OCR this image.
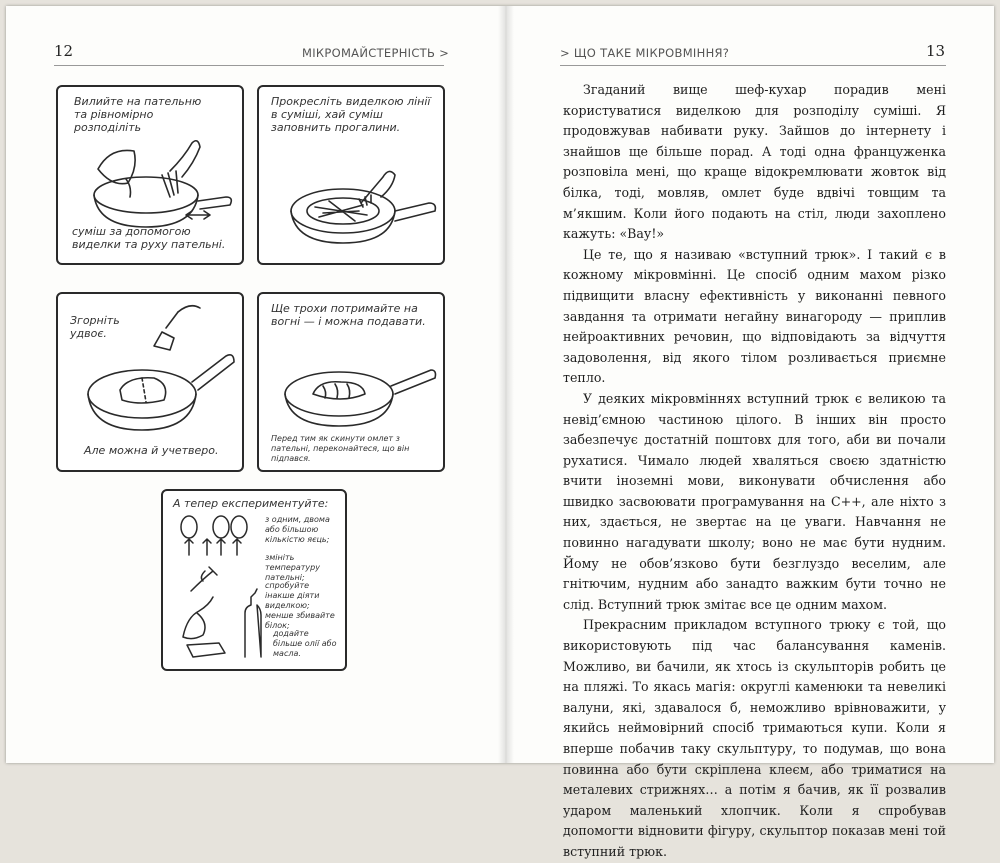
12	МІКРОМАЙСТЕРНІСТЬ >	> ЩО ТАКЕ МІКРОВМІННЯ?	13
Вилийте на пательню та рівномірно розподіліть
суміш за допомогою виделки та руху пательні.
Прокресліть виделкою лінії в суміші, хай суміш заповнить прогалини.
Згорніть удвоє.
Але можна й учетверо.
Ще трохи потримайте на вогні — і можна подавати.
Перед тим як скинути омлет з пательні, переконайтеся, що він підпався.
А тепер експериментуйте:
з одним, двома або більшою кількістю яєць;
змініть температуру пательні;
спробуйте інакше діяти виделкою; менше збивайте білок;
додайте більше олії або масла.

Згаданий вище шеф-кухар порадив мені користуватися виделкою для розподілу суміші. Я продовжував набивати руку. Зайшов до інтернету і знайшов ще більше порад. А тоді одна француженка розповіла мені, що краще відокремлювати жовток від білка, тоді, мовляв, омлет буде вдвічі товщим та м’якшим. Коли його подають на стіл, люди захоплено кажуть: «Вау!»

Це те, що я називаю «вступний трюк». І такий є в кожному мікровмінні. Це спосіб одним махом різко підвищити власну ефективність у виконанні певного завдання та отримати негайну винагороду — приплив нейроактивних речовин, що відповідають за відчуття задоволення, від якого тілом розливається приємне тепло.

У деяких мікровміннях вступний трюк є великою та невід’ємною частиною цілого. В інших він просто забезпечує достатній поштовх для того, аби ви почали рухатися. Чимало людей хваляться своєю здатністю вчити іноземні мови, виконувати обчислення або швидко засвоювати програмування на C++, але ніхто з них, здається, не звертає на це уваги. Навчання не повинно нагадувати школу; воно не має бути нудним. Йому не обов’язково бути безглуздо веселим, але гнітючим, нудним або занадто важким бути точно не слід. Вступний трюк змітає все це одним махом.

Прекрасним прикладом вступного трюку є той, що використовують під час балансування каменів. Можливо, ви бачили, як хтось із скульпторів робить це на пляжі. То якась магія: округлі каменюки та невеликі валуни, які, здавалося б, неможливо врівноважити, у якийсь неймовірний спосіб тримаються купи. Коли я вперше побачив таку скульптуру, то подумав, що вона повинна або бути скріплена клеєм, або триматися на металевих стрижнях… а потім я бачив, як її розвалив ударом маленький хлопчик. Коли я спробував допомогти відновити фігуру, скульптор показав мені той вступний трюк.
